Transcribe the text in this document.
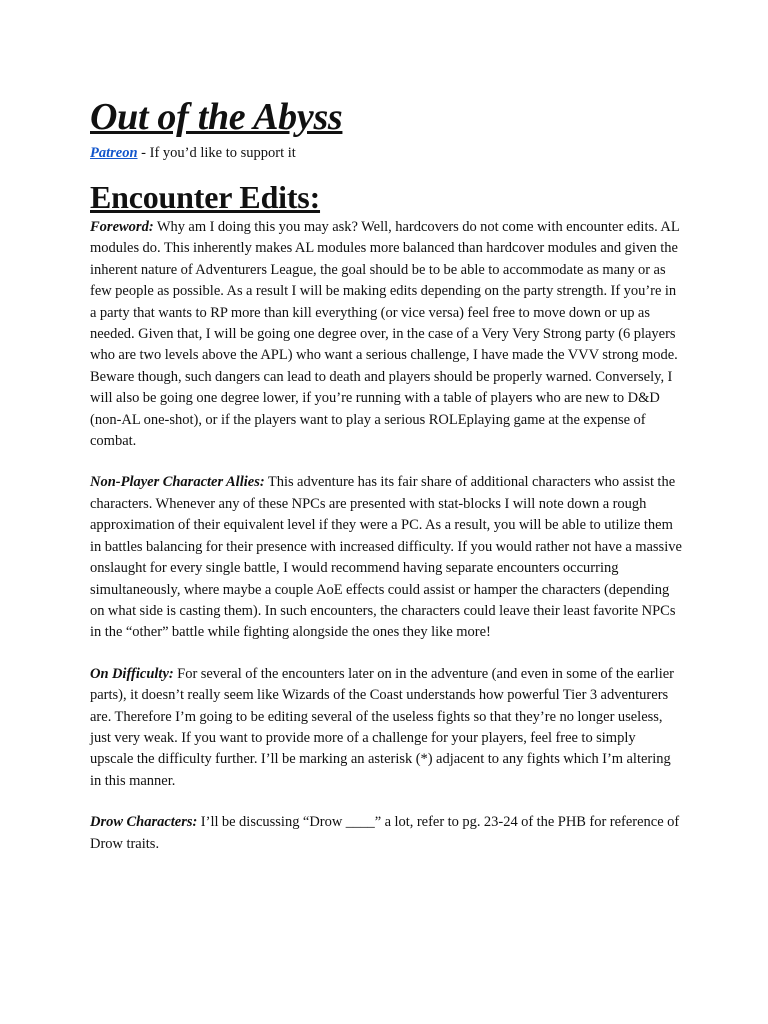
Out of the Abyss

Patreon - If you’d like to support it

Encounter Edits:

Foreword: Why am I doing this you may ask? Well, hardcovers do not come with encounter edits. AL modules do. This inherently makes AL modules more balanced than hardcover modules and given the inherent nature of Adventurers League, the goal should be to be able to accommodate as many or as few people as possible. As a result I will be making edits depending on the party strength. If you’re in a party that wants to RP more than kill everything (or vice versa) feel free to move down or up as needed. Given that, I will be going one degree over, in the case of a Very Very Strong party (6 players who are two levels above the APL) who want a serious challenge, I have made the VVV strong mode. Beware though, such dangers can lead to death and players should be properly warned. Conversely, I will also be going one degree lower, if you’re running with a table of players who are new to D&D (non-AL one-shot), or if the players want to play a serious ROLEplaying game at the expense of combat.

Non-Player Character Allies: This adventure has its fair share of additional characters who assist the characters. Whenever any of these NPCs are presented with stat-blocks I will note down a rough approximation of their equivalent level if they were a PC. As a result, you will be able to utilize them in battles balancing for their presence with increased difficulty. If you would rather not have a massive onslaught for every single battle, I would recommend having separate encounters occurring simultaneously, where maybe a couple AoE effects could assist or hamper the characters (depending on what side is casting them). In such encounters, the characters could leave their least favorite NPCs in the “other” battle while fighting alongside the ones they like more!

On Difficulty: For several of the encounters later on in the adventure (and even in some of the earlier parts), it doesn’t really seem like Wizards of the Coast understands how powerful Tier 3 adventurers are. Therefore I’m going to be editing several of the useless fights so that they’re no longer useless, just very weak. If you want to provide more of a challenge for your players, feel free to simply upscale the difficulty further. I’ll be marking an asterisk (*) adjacent to any fights which I’m altering in this manner.

Drow Characters: I’ll be discussing “Drow ____” a lot, refer to pg. 23-24 of the PHB for reference of Drow traits.
